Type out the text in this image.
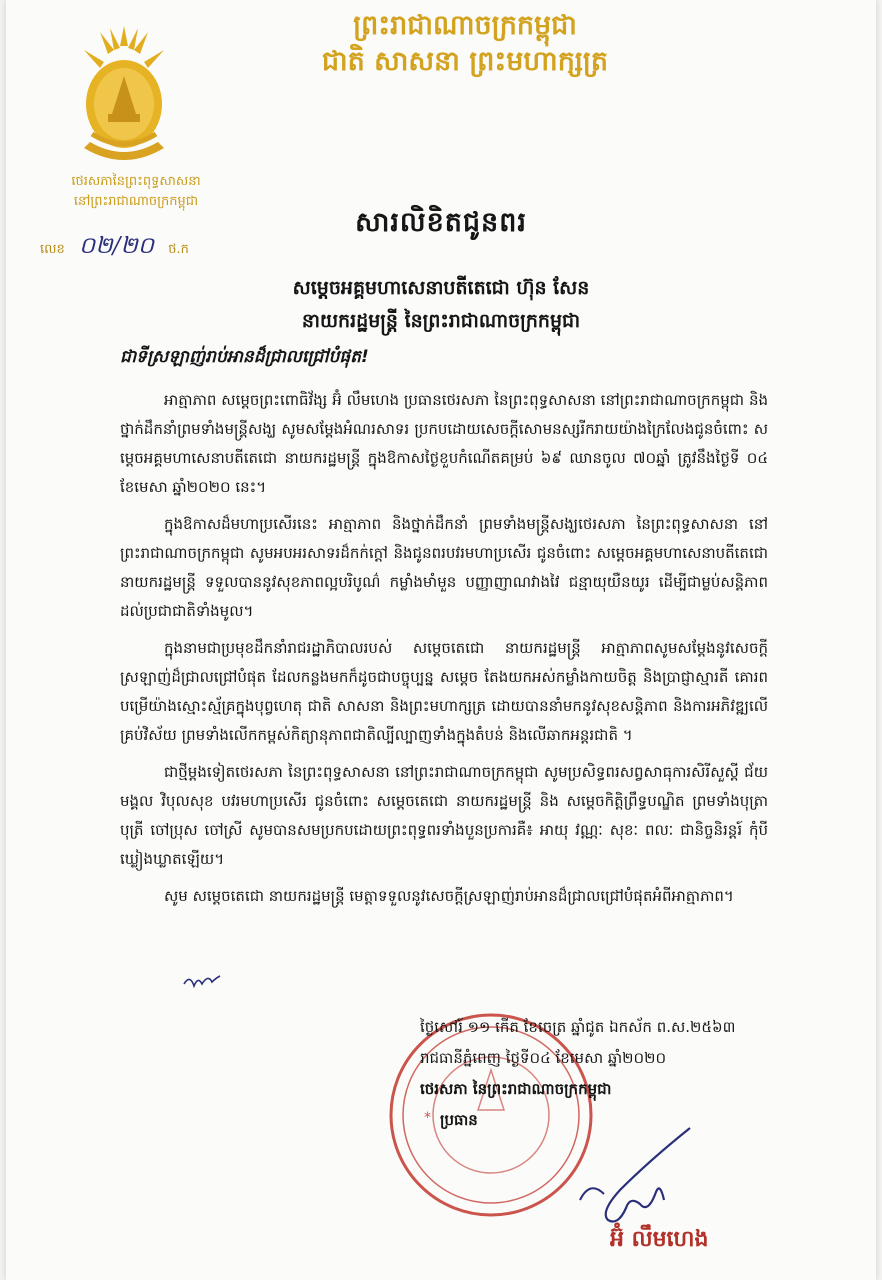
ថេរសភានៃព្រះពុទ្ធសាសនា
នៅព្រះរាជាណាចក្រកម្ពុជា
លេខ ០២/២០ ថ.ក
ព្រះរាជាណាចក្រកម្ពុជា
ជាតិ សាសនា ព្រះមហាក្សត្រ
សារលិខិតជូនពរ
សម្តេចអគ្គមហាសេនាបតីតេជោ ហ៊ុន សែន
នាយករដ្ឋមន្ត្រី នៃព្រះរាជាណាចក្រកម្ពុជា
ជាទីស្រឡាញ់រាប់អានដ៏ជ្រាលជ្រៅបំផុត!

អាត្មាភាព សម្តេចព្រះពោធិវ័ង្ស អ៊ំ លឹមហេង ប្រធានថេរសភា នៃព្រះពុទ្ធសាសនា នៅព្រះរាជាណាចក្រកម្ពុជា និងថ្នាក់ដឹកនាំព្រមទាំងមន្ត្រីសង្ឃ សូមសម្តែងអំណរសាទរ ប្រកបដោយសេចក្តីសោមនស្សរីករាយយ៉ាងក្រៃលែងជូនចំពោះ សម្តេចអគ្គមហាសេនាបតីតេជោ នាយករដ្ឋមន្ត្រី ក្នុងឱកាសថ្ងៃខួបកំណើតគម្រប់ ៦៩ ឈានចូល ៧០ឆ្នាំ ត្រូវនឹងថ្ងៃទី ០៤ ខែមេសា ឆ្នាំ២០២០ នេះ។

ក្នុងឱកាសដ៏មហាប្រសើរនេះ អាត្មាភាព និងថ្នាក់ដឹកនាំ ព្រមទាំងមន្ត្រីសង្ឃថេរសភា នៃព្រះពុទ្ធសាសនា នៅព្រះរាជាណាចក្រកម្ពុជា សូមអបអរសាទរដ៏កក់ក្តៅ និងជូនពរបវរមហាប្រសើរ ជូនចំពោះ សម្តេចអគ្គមហាសេនាបតីតេជោ នាយករដ្ឋមន្ត្រី ទទួលបាននូវសុខភាពល្អបរិបូណ៌ កម្លាំងមាំមួន បញ្ញាញាណវាងវៃ ជន្មាយុយឺនយូរ ដើម្បីជាម្លប់សន្តិភាព ដល់ប្រជាជាតិទាំងមូល។

ក្នុងនាមជាប្រមុខដឹកនាំរាជរដ្ឋាភិបាលរបស់ សម្តេចតេជោ នាយករដ្ឋមន្ត្រី អាត្មាភាពសូមសម្តែងនូវសេចក្តីស្រឡាញ់ដ៏ជ្រាលជ្រៅបំផុត ដែលកន្លងមកក៏ដូចជាបច្ចុប្បន្ន សម្តេច តែងយកអស់កម្លាំងកាយចិត្ត និងប្រាជ្ញាស្មារតី គោរពបម្រើយ៉ាងស្មោះស្ម័គ្រក្នុងបុព្វហេតុ ជាតិ សាសនា និងព្រះមហាក្សត្រ ដោយបាននាំមកនូវសុខសន្តិភាព និងការអភិវឌ្ឍលើគ្រប់វិស័យ ព្រមទាំងលើកកម្ពស់កិត្យានុភាពជាតិល្បីល្បាញទាំងក្នុងតំបន់ និងលើឆាកអន្តរជាតិ ។

ជាថ្មីម្តងទៀតថេរសភា នៃព្រះពុទ្ធសាសនា នៅព្រះរាជាណាចក្រកម្ពុជា សូមប្រសិទ្ធពរសព្វសាធុការសិរីសួស្តី ជ័យមង្គល វិបុលសុខ បវរមហាប្រសើរ ជូនចំពោះ សម្តេចតេជោ នាយករដ្ឋមន្ត្រី និង សម្តេចកិត្តិព្រឹទ្ធបណ្ឌិត ព្រមទាំងបុត្រា បុត្រី ចៅប្រុស ចៅស្រី សូមបានសមប្រកបដោយព្រះពុទ្ធពរទាំងបួនប្រការគឺ៖ អាយុ វណ្ណៈ សុខៈ ពលៈ ជានិច្ចនិរន្តរ៍ កុំបីឃ្លៀងឃ្លាតឡើយ។

សូម សម្តេចតេជោ នាយករដ្ឋមន្ត្រី មេត្តាទទួលនូវសេចក្តីស្រឡាញ់រាប់អានដ៏ជ្រាលជ្រៅបំផុតអំពីអាត្មាភាព។

*
ថ្ងៃសៅរ៍ ១១ កើត ខែចេត្រ ឆ្នាំជូត ឯកស័ក ព.ស.២៥៦៣
រាជធានីភ្នំពេញ ថ្ងៃទី០៤ ខែមេសា ឆ្នាំ២០២០
ថេរសភា នៃព្រះរាជាណាចក្រកម្ពុជា
ប្រធាន
អ៊ំ លឹមហេង
